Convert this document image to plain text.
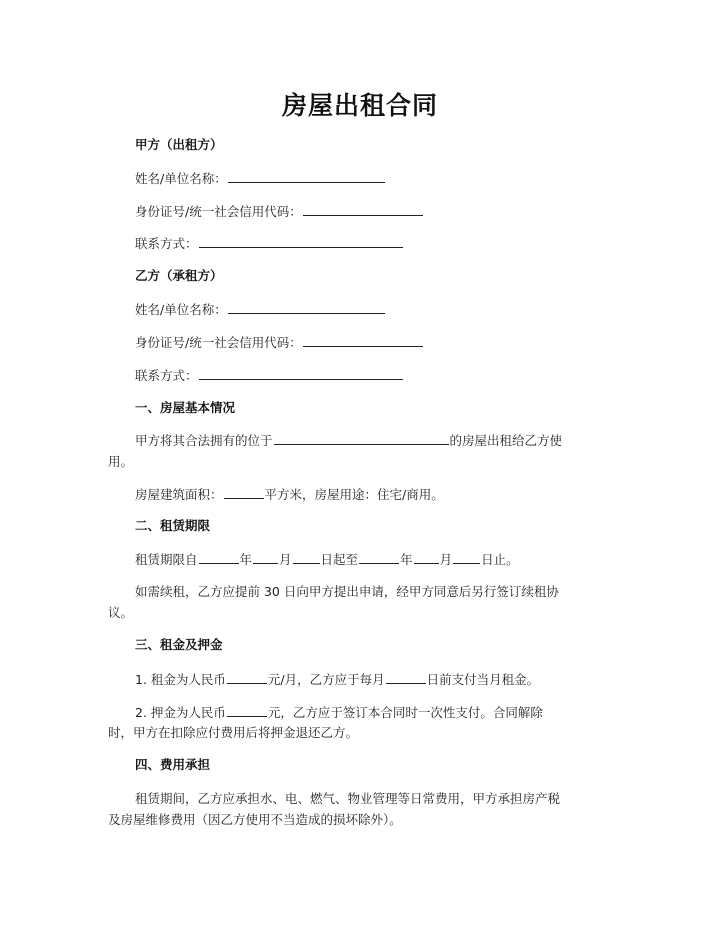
房屋出租合同
甲方（出租方）
姓名/单位名称：
身份证号/统一社会信用代码：
联系方式：
乙方（承租方）
姓名/单位名称：
身份证号/统一社会信用代码：
联系方式：
一、房屋基本情况
甲方将其合法拥有的位于	的房屋出租给乙方使
用。
房屋建筑面积：	平方米，房屋用途：住宅/商用。
二、租赁期限
租赁期限自	年 月 日起至	年 月 日止。
如需续租，乙方应提前 30 日向甲方提出申请，经甲方同意后另行签订续租协
议。
三、租金及押金
1. 租金为人民币	元/月，乙方应于每月	日前支付当月租金。
2. 押金为人民币	元，乙方应于签订本合同时一次性支付。合同解除
时，甲方在扣除应付费用后将押金退还乙方。
四、费用承担
租赁期间，乙方应承担水、电、燃气、物业管理等日常费用，甲方承担房产税
及房屋维修费用（因乙方使用不当造成的损坏除外）。
